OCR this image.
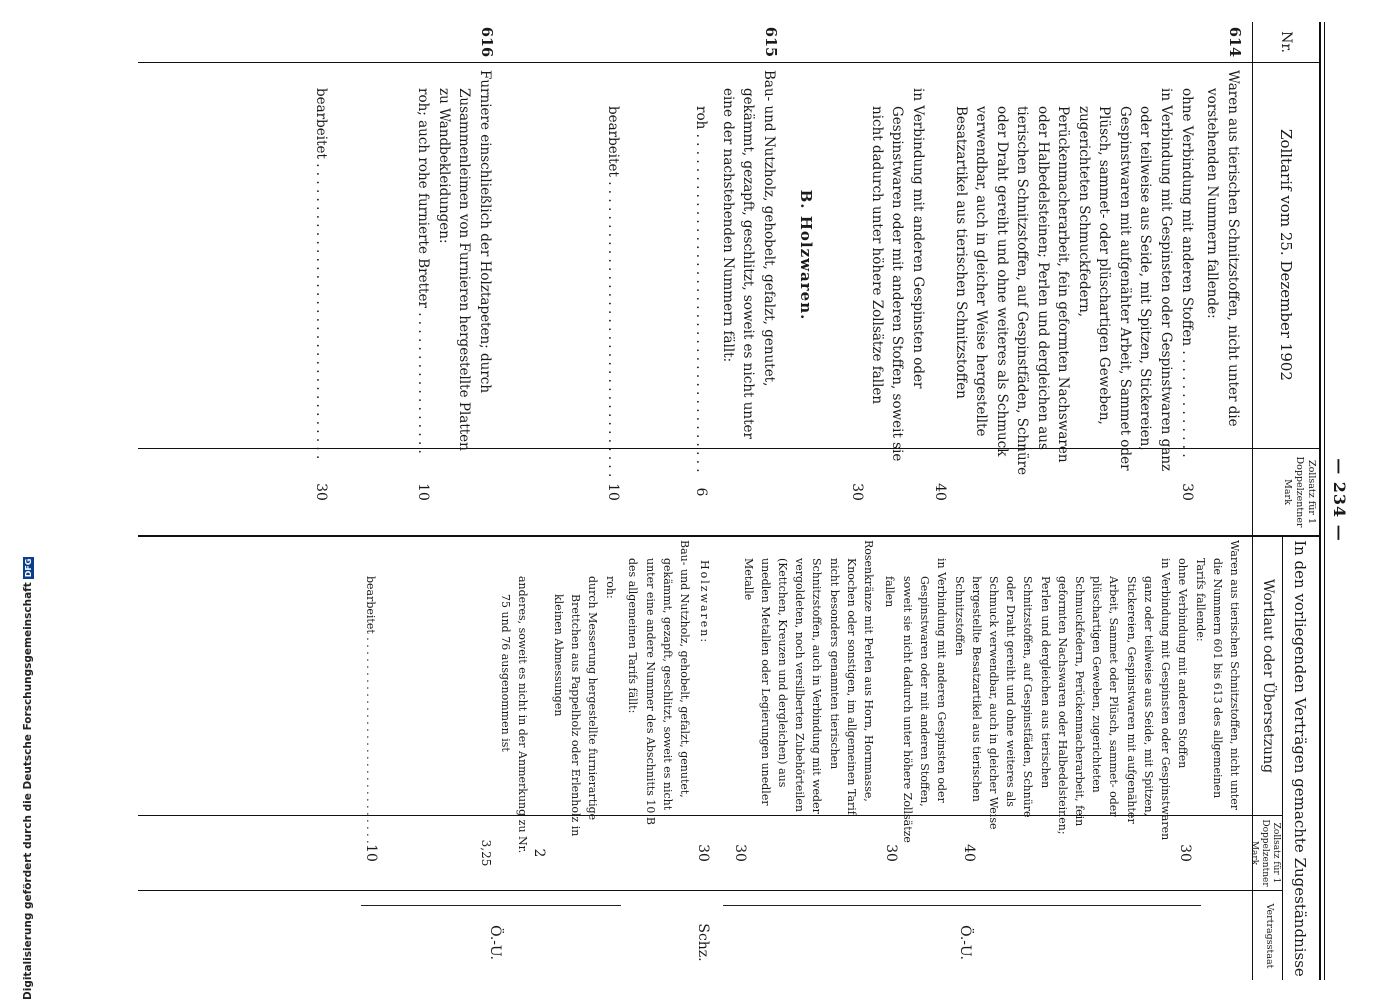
— 234 —
Nr.
Zolltarif vom 25. Dezember 1902
Zollsatz für 1 Doppelzentner Mark
In den vorliegenden Verträgen gemachte Zugeständnisse
Wortlaut oder Übersetzung
Zollsatz für 1 Doppelzentner Mark
Vertragsstaat
614
Waren aus tierischen Schnitzstoffen, nicht unter die vorstehenden Nummern fallende:
ohne Verbindung mit anderen Stoffen . . .
30
in Verbindung mit Gespinsten oder Gespinstwaren ganz oder teilweise aus Seide, mit Spitzen, Stickereien, Gespinstwaren mit aufgenähter Arbeit, Sammet oder Plüsch, sammet- oder plüschartigen Geweben, zugerichteten Schmuckfedern, Perückenmacherarbeit, fein geformten Nachswaren oder Halbedelsteinen; Perlen und dergleichen aus tierischen Schnitzstoffen, auf Gespinstfäden, Schnüre oder Draht gereiht und ohne weiteres als Schmuck verwendbar, auch in gleicher Weise hergestellte Besatzartikel aus tierischen Schnitzstoffen
40
in Verbindung mit anderen Gespinsten oder Gespinstwaren oder mit anderen Stoffen, soweit sie nicht dadurch unter höhere Zollsätze fallen
30
B. Holzwaren.
615
Bau- und Nutzholz, gehobelt, gefalzt, genutet, gekämmt, gezapft, geschlitzt, soweit es nicht unter eine der nachstehenden Nummern fällt:
roh . . .
6
bearbeitet . . .
10
616
Furniere einschließlich der Holztapeten; durch Zusammenleimen von Furnieren hergestellte Platten zu Wandbekleidungen:
roh; auch rohe furnierte Bretter . . .
10
bearbeitet . . .
30
Waren aus tierischen Schnitzstoffen, nicht unter die Nummern 601 bis 613 des allgemeinen Tarifs fallende:
ohne Verbindung mit anderen Stoffen
30
in Verbindung mit Gespinsten oder Gespinstwaren ganz oder teilweise aus Seide, mit Spitzen, Stickereien, Gespinstwaren mit aufgenähter Arbeit, Sammet oder Plüsch, sammet- oder plüschartigen Geweben, zugerichteten Schmuckfedern, Perückenmacherarbeit, fein geformten Nachswaren oder Halbedelsteinen; Perlen und dergleichen aus tierischen Schnitzstoffen, auf Gespinstfäden, Schnüre oder Draht gereiht und ohne weiteres als Schmuck verwendbar, auch in gleicher Weise hergestellte Besatzartikel aus tierischen Schnitzstoffen
40
in Verbindung mit anderen Gespinsten oder Gespinstwaren oder mit anderen Stoffen, soweit sie nicht dadurch unter höhere Zollsätze fallen
30
Rosenkränze mit Perlen aus Horn, Hornmasse, Knochen oder sonstigen, im allgemeinen Tarif nicht besonders genannten tierischen Schnitzstoffen, auch in Verbindung mit weder vergoldeten, noch versilberten Zubehörteilen (Kettchen, Kreuzen und dergleichen) aus unedlen Metallen oder Legierungen unedler Metalle
30
Ö.-U.
Holzwaren:
Bau- und Nutzholz, gehobelt, gefalzt, genutet, gekämmt, gezapft, geschlitzt, soweit es nicht unter eine andere Nummer des Abschnitts 10 B des allgemeinen Tarifs fällt:
30
Schz.
roh:
durch Messerung hergestellte furnierartige Brettchen aus Pappelholz oder Erlenholz in kleinen Abmessungen
2
anderes, soweit es nicht in der Anmerkung zu Nr. 75 und 76 ausgenommen ist
3,25
bearbeitet . . .
10
Ö.-U.
Digitalisierung gefördert durch die Deutsche ForschungsgemeinschaftDFG
